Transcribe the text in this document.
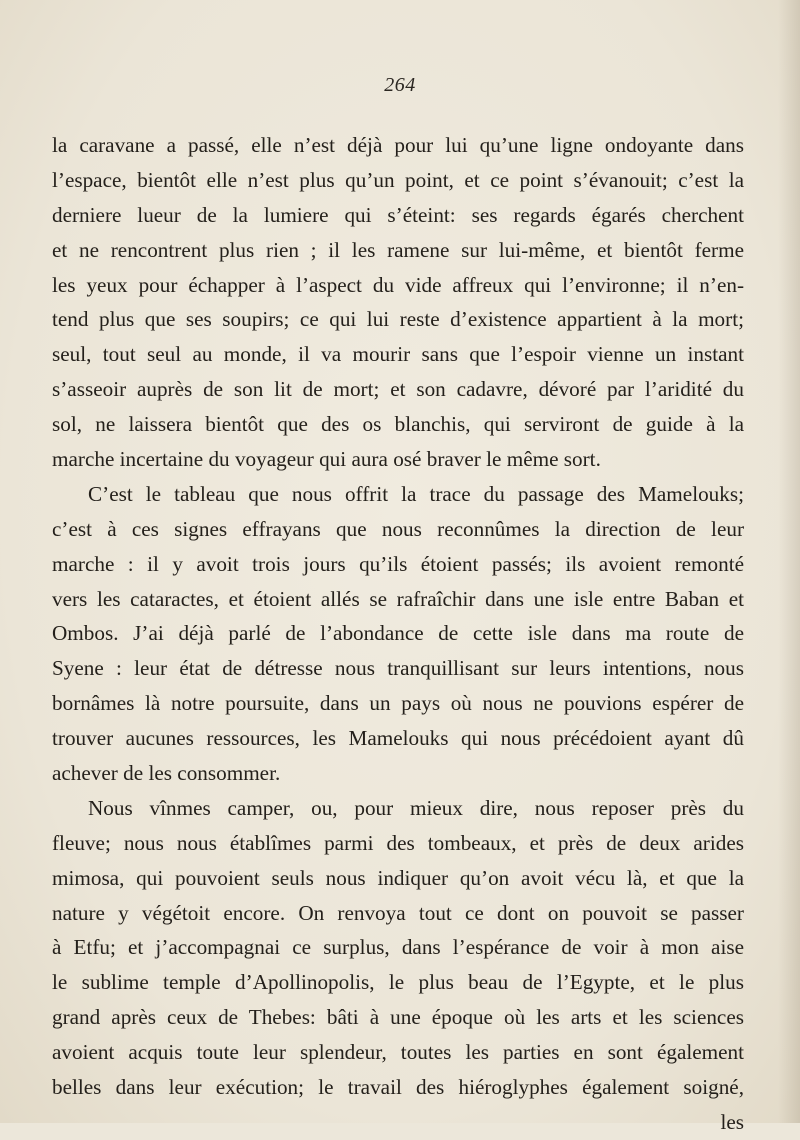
264
la caravane a passé, elle n’est déjà pour lui qu’une ligne ondoyante dans
l’espace, bientôt elle n’est plus qu’un point, et ce point s’évanouit; c’est la
derniere lueur de la lumiere qui s’éteint: ses regards égarés cherchent
et ne rencontrent plus rien ; il les ramene sur lui-même, et bientôt ferme
les yeux pour échapper à l’aspect du vide affreux qui l’environne; il n’en-
tend plus que ses soupirs; ce qui lui reste d’existence appartient à la mort;
seul, tout seul au monde, il va mourir sans que l’espoir vienne un instant
s’asseoir auprès de son lit de mort; et son cadavre, dévoré par l’aridité du
sol, ne laissera bientôt que des os blanchis, qui serviront de guide à la
marche incertaine du voyageur qui aura osé braver le même sort.
C’est le tableau que nous offrit la trace du passage des Mamelouks;
c’est à ces signes effrayans que nous reconnûmes la direction de leur
marche : il y avoit trois jours qu’ils étoient passés; ils avoient remonté
vers les cataractes, et étoient allés se rafraîchir dans une isle entre Baban et
Ombos. J’ai déjà parlé de l’abondance de cette isle dans ma route de
Syene : leur état de détresse nous tranquillisant sur leurs intentions, nous
bornâmes là notre poursuite, dans un pays où nous ne pouvions espérer de
trouver aucunes ressources, les Mamelouks qui nous précédoient ayant dû
achever de les consommer.
Nous vînmes camper, ou, pour mieux dire, nous reposer près du
fleuve; nous nous établîmes parmi des tombeaux, et près de deux arides
mimosa, qui pouvoient seuls nous indiquer qu’on avoit vécu là, et que la
nature y végétoit encore. On renvoya tout ce dont on pouvoit se passer
à Etfu; et j’accompagnai ce surplus, dans l’espérance de voir à mon aise
le sublime temple d’Apollinopolis, le plus beau de l’Egypte, et le plus
grand après ceux de Thebes: bâti à une époque où les arts et les sciences
avoient acquis toute leur splendeur, toutes les parties en sont également
belles dans leur exécution; le travail des hiéroglyphes également soigné,
les
